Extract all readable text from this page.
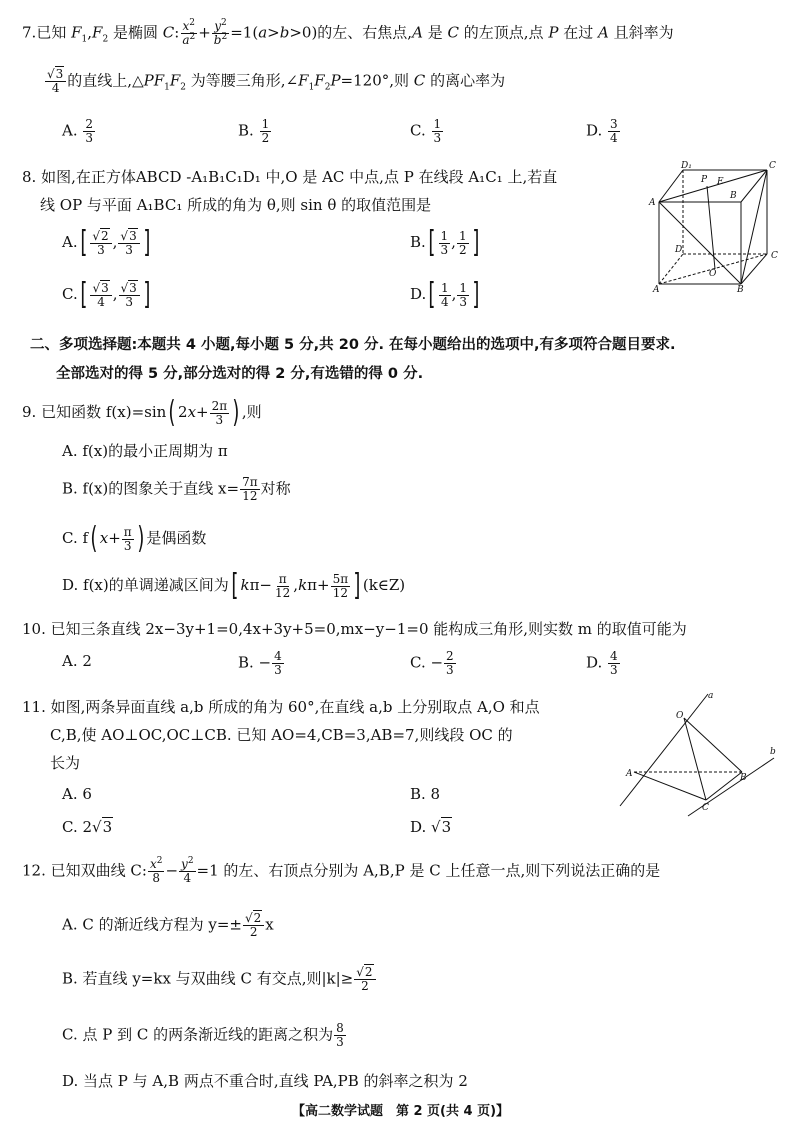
7.已知 $F_1,F_2$ 是椭圆 C: $\frac{x^2}{a^2} + \frac{y^2}{b^2} =1(a>b>0)$的左、右焦点,A 是 C 的左顶点,点 P 在过 A 且斜率为
$\frac{√3}{4}$ 的直线上$,\triangle PF_1F_2$ 为等腰三角形$,\angle F_1F_2P=120^\circ$,则 C 的离心率为
A. $\frac{2}{3}$	B. $\frac{1}{2}$	C. $\frac{1}{3}$	D. $\frac{3}{4}$
8. 如图,在正方体ABCD -A₁B₁C₁D₁ 中,O 是 AC 中点,点 P 在线段 A₁C₁ 上,若直
线 OP 与平面 A₁BC₁ 所成的角为 θ,则 sin θ 的取值范围是
$A.[ \frac{√2}{3}$ , $\frac{√3}{3}$ ]	$B.[ \frac{1}{3}$ , $\frac{1}{2}$ ]
$C.[ \frac{√3}{4}$ , $\frac{√3}{3}$ ]	$D.[ \frac{1}{4}$ , $\frac{1}{3}$ ]
D₁	C
A
E
B
P
D
O
C
A	B
二、多项选择题:本题共 4 小题,每小题 5 分,共 20 分. 在每小题给出的选项中,有多项符合题目要求.
全部选对的得 5 分,部分选对的得 2 分,有选错的得 0 分.
9. 已知函数 f(x)=sin( $2x+ \frac{2\pi}{3}$ ) ,则
A. f(x)的最小正周期为 π
B. f(x)的图象关于直线 $x= \frac{7\pi}{12}$ 对称
C. f( $x+ \frac{\pi}{3}$ ) 是偶函数
D. f(x)的单调递减区间为[ $k\pi- \frac{\pi}{12} ,k\pi+ \frac{5\pi}{12}$ ] (k∈Z)
10. 已知三条直线 2x−3y+1=0,4x+3y+5=0,mx−y−1=0 能构成三角形,则实数 m 的取值可能为
A. 2	B. − $\frac{4}{3}$	C. − $\frac{2}{3}$	D. $\frac{4}{3}$
11. 如图,两条异面直线 a,b 所成的角为 60°,在直线 a,b 上分别取点 A,O 和点
C,B,使 AO⊥OC,OC⊥CB. 已知 AO=4,CB=3,AB=7,则线段 OC 的
长为
A. 6	B. 8
C. 2√3	D. √3
a
O
b
A	B
C
12. 已知双曲线 C: $\frac{x^2}{8} - \frac{y^2}{4} =1$ 的左、右顶点分别为 A,B,P 是 C 上任意一点,则下列说法正确的是
A. C 的渐近线方程为 $y=\pm \frac{√2}{2}$ x
B. 若直线 y=kx 与双曲线 C 有交点,则$|k|\ge \frac{√2}{2}$
C. 点 P 到 C 的两条渐近线的距离之积为 $\frac{8}{3}$
D. 当点 P 与 A,B 两点不重合时,直线 PA,PB 的斜率之积为 2
【高二数学试题　第 2 页(共 4 页)】
